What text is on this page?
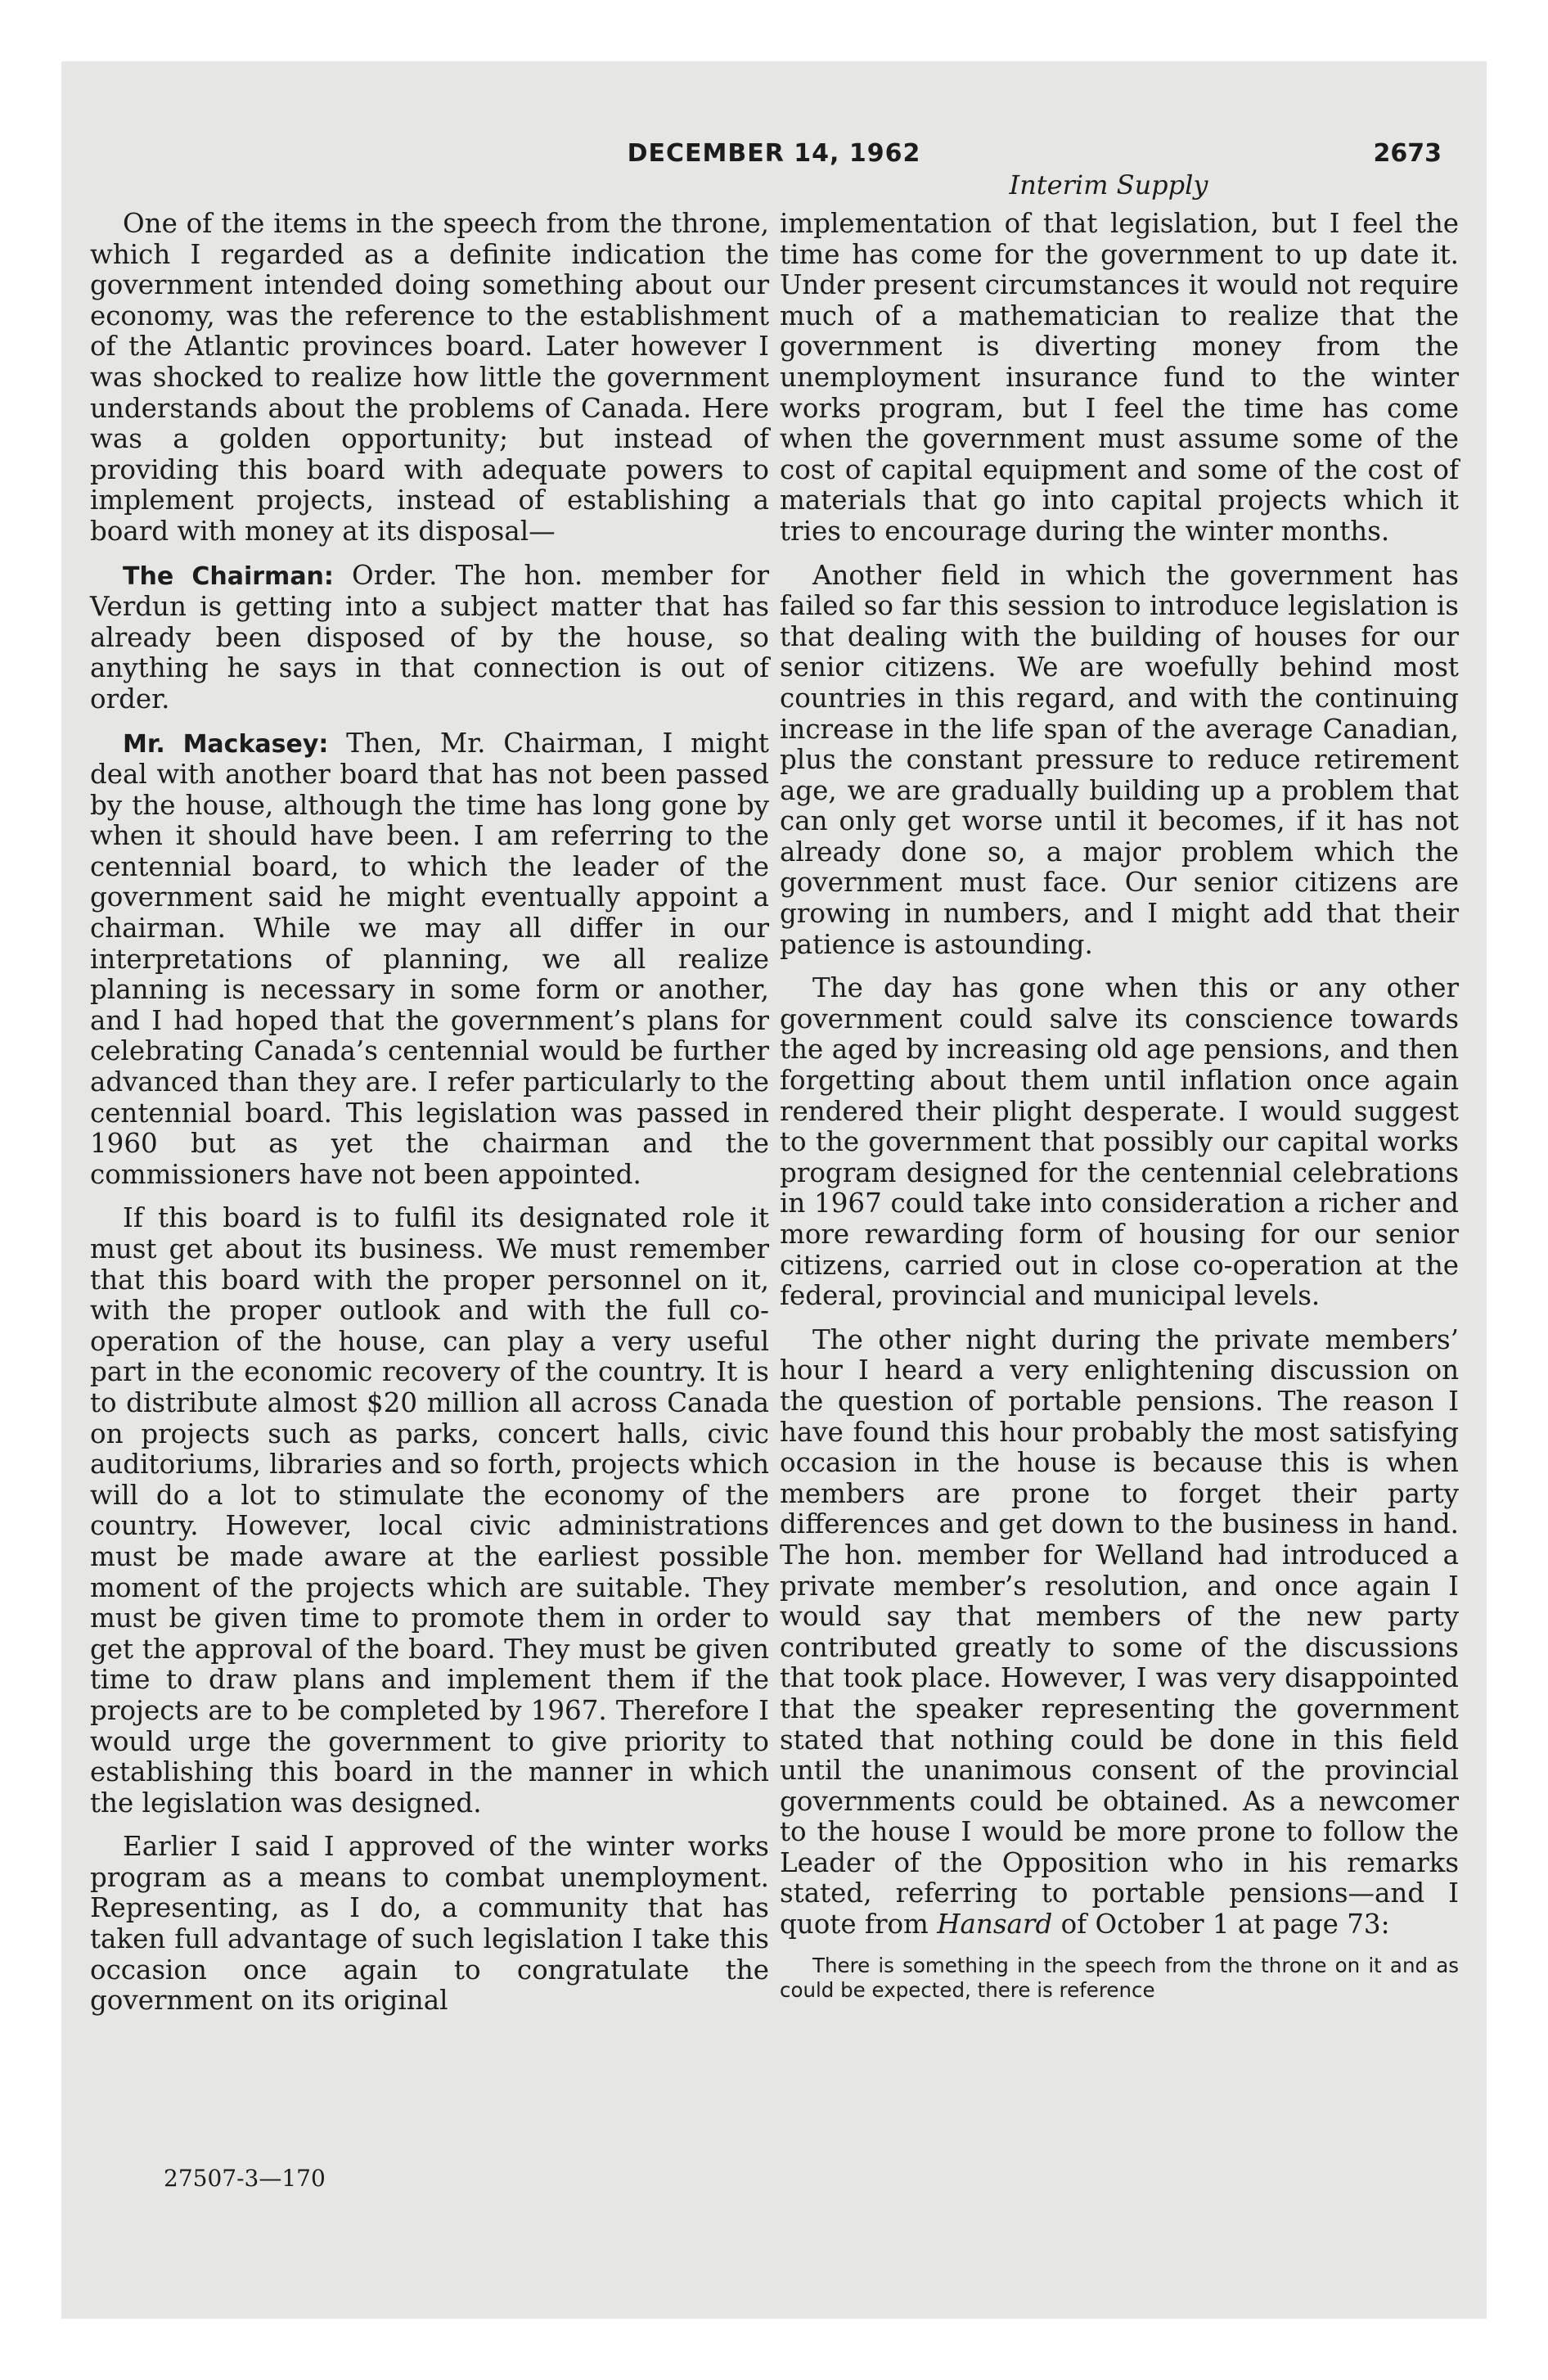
DECEMBER 14, 1962	2673
Interim Supply

One of the items in the speech from the throne, which I regarded as a definite indication the government intended doing something about our economy, was the reference to the establishment of the Atlantic provinces board. Later however I was shocked to realize how little the government understands about the problems of Canada. Here was a golden opportunity; but instead of providing this board with adequate powers to implement projects, instead of establishing a board with money at its disposal—

The Chairman: Order. The hon. member for Verdun is getting into a subject matter that has already been disposed of by the house, so anything he says in that connection is out of order.

Mr. Mackasey: Then, Mr. Chairman, I might deal with another board that has not been passed by the house, although the time has long gone by when it should have been. I am referring to the centennial board, to which the leader of the government said he might eventually appoint a chairman. While we may all differ in our interpretations of planning, we all realize planning is necessary in some form or another, and I had hoped that the government’s plans for celebrating Canada’s centennial would be further advanced than they are. I refer particularly to the centennial board. This legislation was passed in 1960 but as yet the chairman and the commissioners have not been appointed.

If this board is to fulfil its designated role it must get about its business. We must remember that this board with the proper personnel on it, with the proper outlook and with the full co-operation of the house, can play a very useful part in the economic recovery of the country. It is to distribute almost $20 million all across Canada on projects such as parks, concert halls, civic auditoriums, libraries and so forth, projects which will do a lot to stimulate the economy of the country. However, local civic administrations must be made aware at the earliest possible moment of the projects which are suitable. They must be given time to promote them in order to get the approval of the board. They must be given time to draw plans and implement them if the projects are to be completed by 1967. Therefore I would urge the government to give priority to establishing this board in the manner in which the legislation was designed.

Earlier I said I approved of the winter works program as a means to combat unemployment. Representing, as I do, a community that has taken full advantage of such legislation I take this occasion once again to congratulate the government on its original

implementation of that legislation, but I feel the time has come for the government to up date it. Under present circumstances it would not require much of a mathematician to realize that the government is diverting money from the unemployment insurance fund to the winter works program, but I feel the time has come when the government must assume some of the cost of capital equipment and some of the cost of materials that go into capital projects which it tries to encourage during the winter months.

Another field in which the government has failed so far this session to introduce legislation is that dealing with the building of houses for our senior citizens. We are woefully behind most countries in this regard, and with the continuing increase in the life span of the average Canadian, plus the constant pressure to reduce retirement age, we are gradually building up a problem that can only get worse until it becomes, if it has not already done so, a major problem which the government must face. Our senior citizens are growing in numbers, and I might add that their patience is astounding.

The day has gone when this or any other government could salve its conscience towards the aged by increasing old age pensions, and then forgetting about them until inflation once again rendered their plight desperate. I would suggest to the government that possibly our capital works program designed for the centennial celebrations in 1967 could take into consideration a richer and more rewarding form of housing for our senior citizens, carried out in close co-operation at the federal, provincial and municipal levels.

The other night during the private members’ hour I heard a very enlightening discussion on the question of portable pensions. The reason I have found this hour probably the most satisfying occasion in the house is because this is when members are prone to forget their party differences and get down to the business in hand. The hon. member for Welland had introduced a private member’s resolution, and once again I would say that members of the new party contributed greatly to some of the discussions that took place. However, I was very disappointed that the speaker representing the government stated that nothing could be done in this field until the unanimous consent of the provincial governments could be obtained. As a newcomer to the house I would be more prone to follow the Leader of the Opposition who in his remarks stated, referring to portable pensions—and I quote from Hansard of October 1 at page 73:

There is something in the speech from the throne on it and as could be expected, there is reference

27507-3—170
